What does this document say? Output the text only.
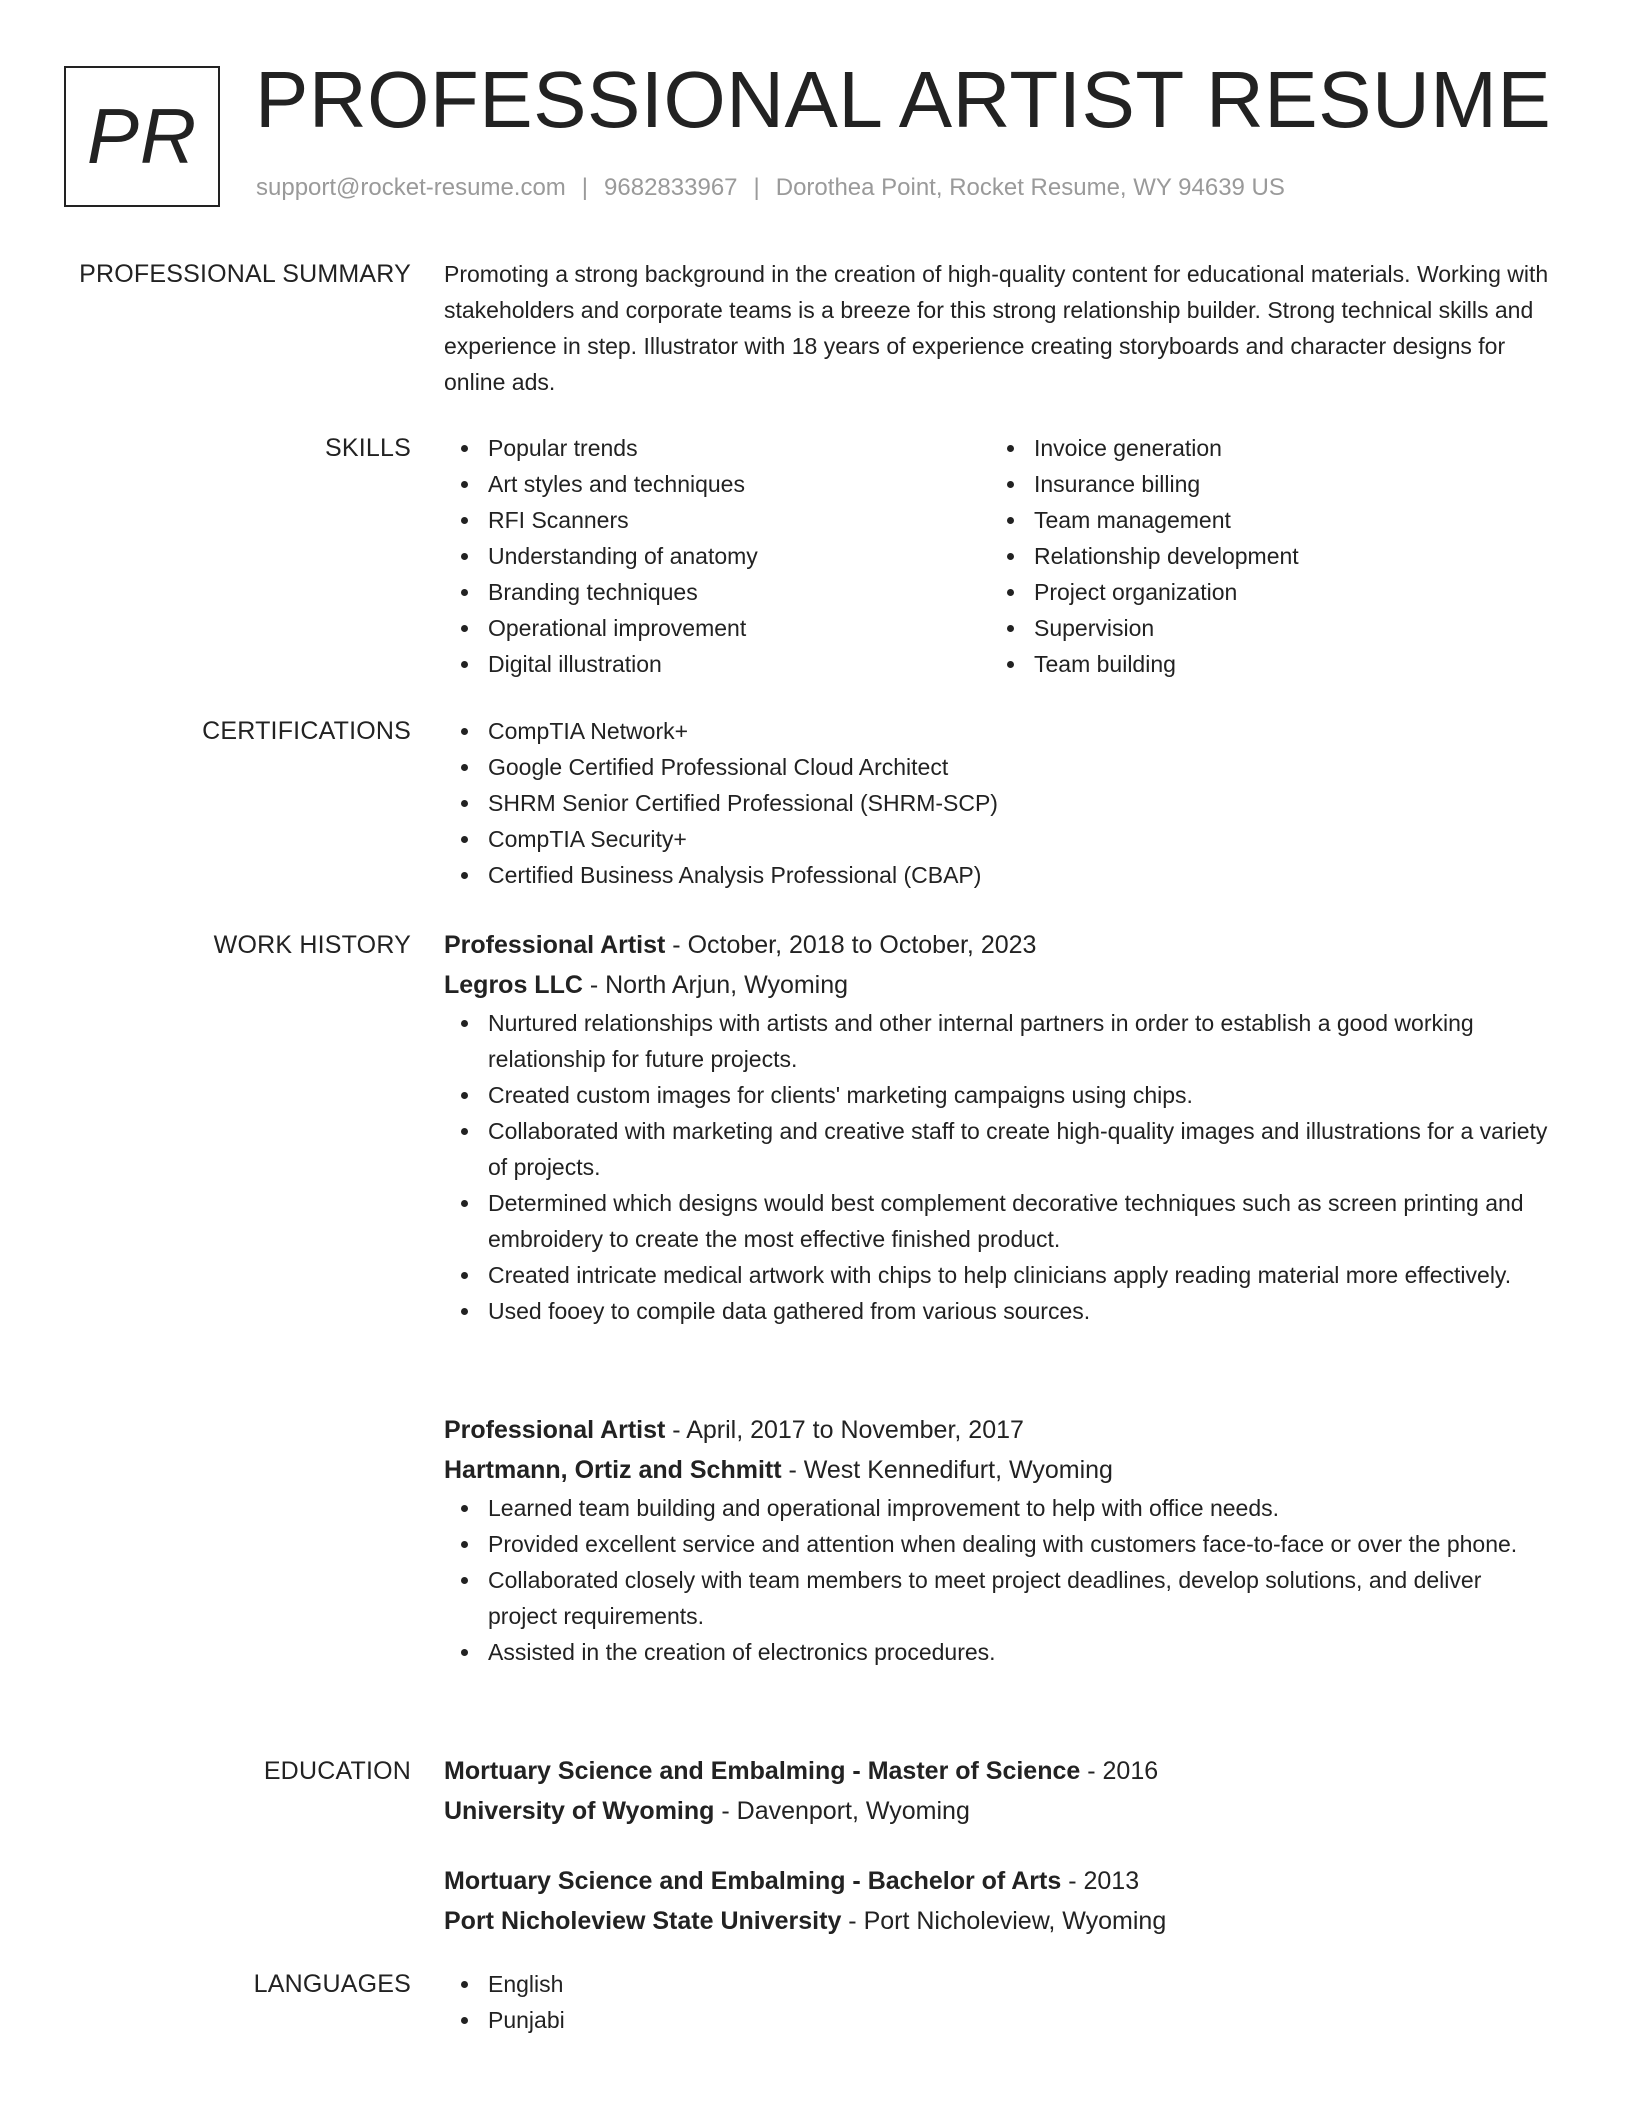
PR PROFESSIONAL ARTIST RESUME
support@rocket-resume.com | 9682833967 | Dorothea Point, Rocket Resume, WY 94639 US
PROFESSIONAL SUMMARY Promoting a strong background in the creation of high-quality content for educational materials. Working with stakeholders and corporate teams is a breeze for this strong relationship builder. Strong technical skills and experience in step. Illustrator with 18 years of experience creating storyboards and character designs for online ads.

SKILLS	Popular trends
Art styles and techniques
RFI Scanners
Understanding of anatomy
Branding techniques
Operational improvement
Digital illustration
Invoice generation
Insurance billing
Team management
Relationship development
Project organization
Supervision
Team building
CERTIFICATIONS	CompTIA Network+
Google Certified Professional Cloud Architect
SHRM Senior Certified Professional (SHRM-SCP)
CompTIA Security+
Certified Business Analysis Professional (CBAP)
WORK HISTORY Professional Artist - October, 2018 to October, 2023
Legros LLC - North Arjun, Wyoming
Nurtured relationships with artists and other internal partners in order to establish a good working relationship for future projects.
Created custom images for clients' marketing campaigns using chips.
Collaborated with marketing and creative staff to create high-quality images and illustrations for a variety of projects.
Determined which designs would best complement decorative techniques such as screen printing and embroidery to create the most effective finished product.
Created intricate medical artwork with chips to help clinicians apply reading material more effectively.
Used fooey to compile data gathered from various sources.
Professional Artist - April, 2017 to November, 2017
Hartmann, Ortiz and Schmitt - West Kennedifurt, Wyoming
Learned team building and operational improvement to help with office needs.
Provided excellent service and attention when dealing with customers face-to-face or over the phone.
Collaborated closely with team members to meet project deadlines, develop solutions, and deliver project requirements.
Assisted in the creation of electronics procedures.
EDUCATION Mortuary Science and Embalming - Master of Science - 2016
University of Wyoming - Davenport, Wyoming
Mortuary Science and Embalming - Bachelor of Arts - 2013
Port Nicholeview State University - Port Nicholeview, Wyoming
LANGUAGES	English
Punjabi
